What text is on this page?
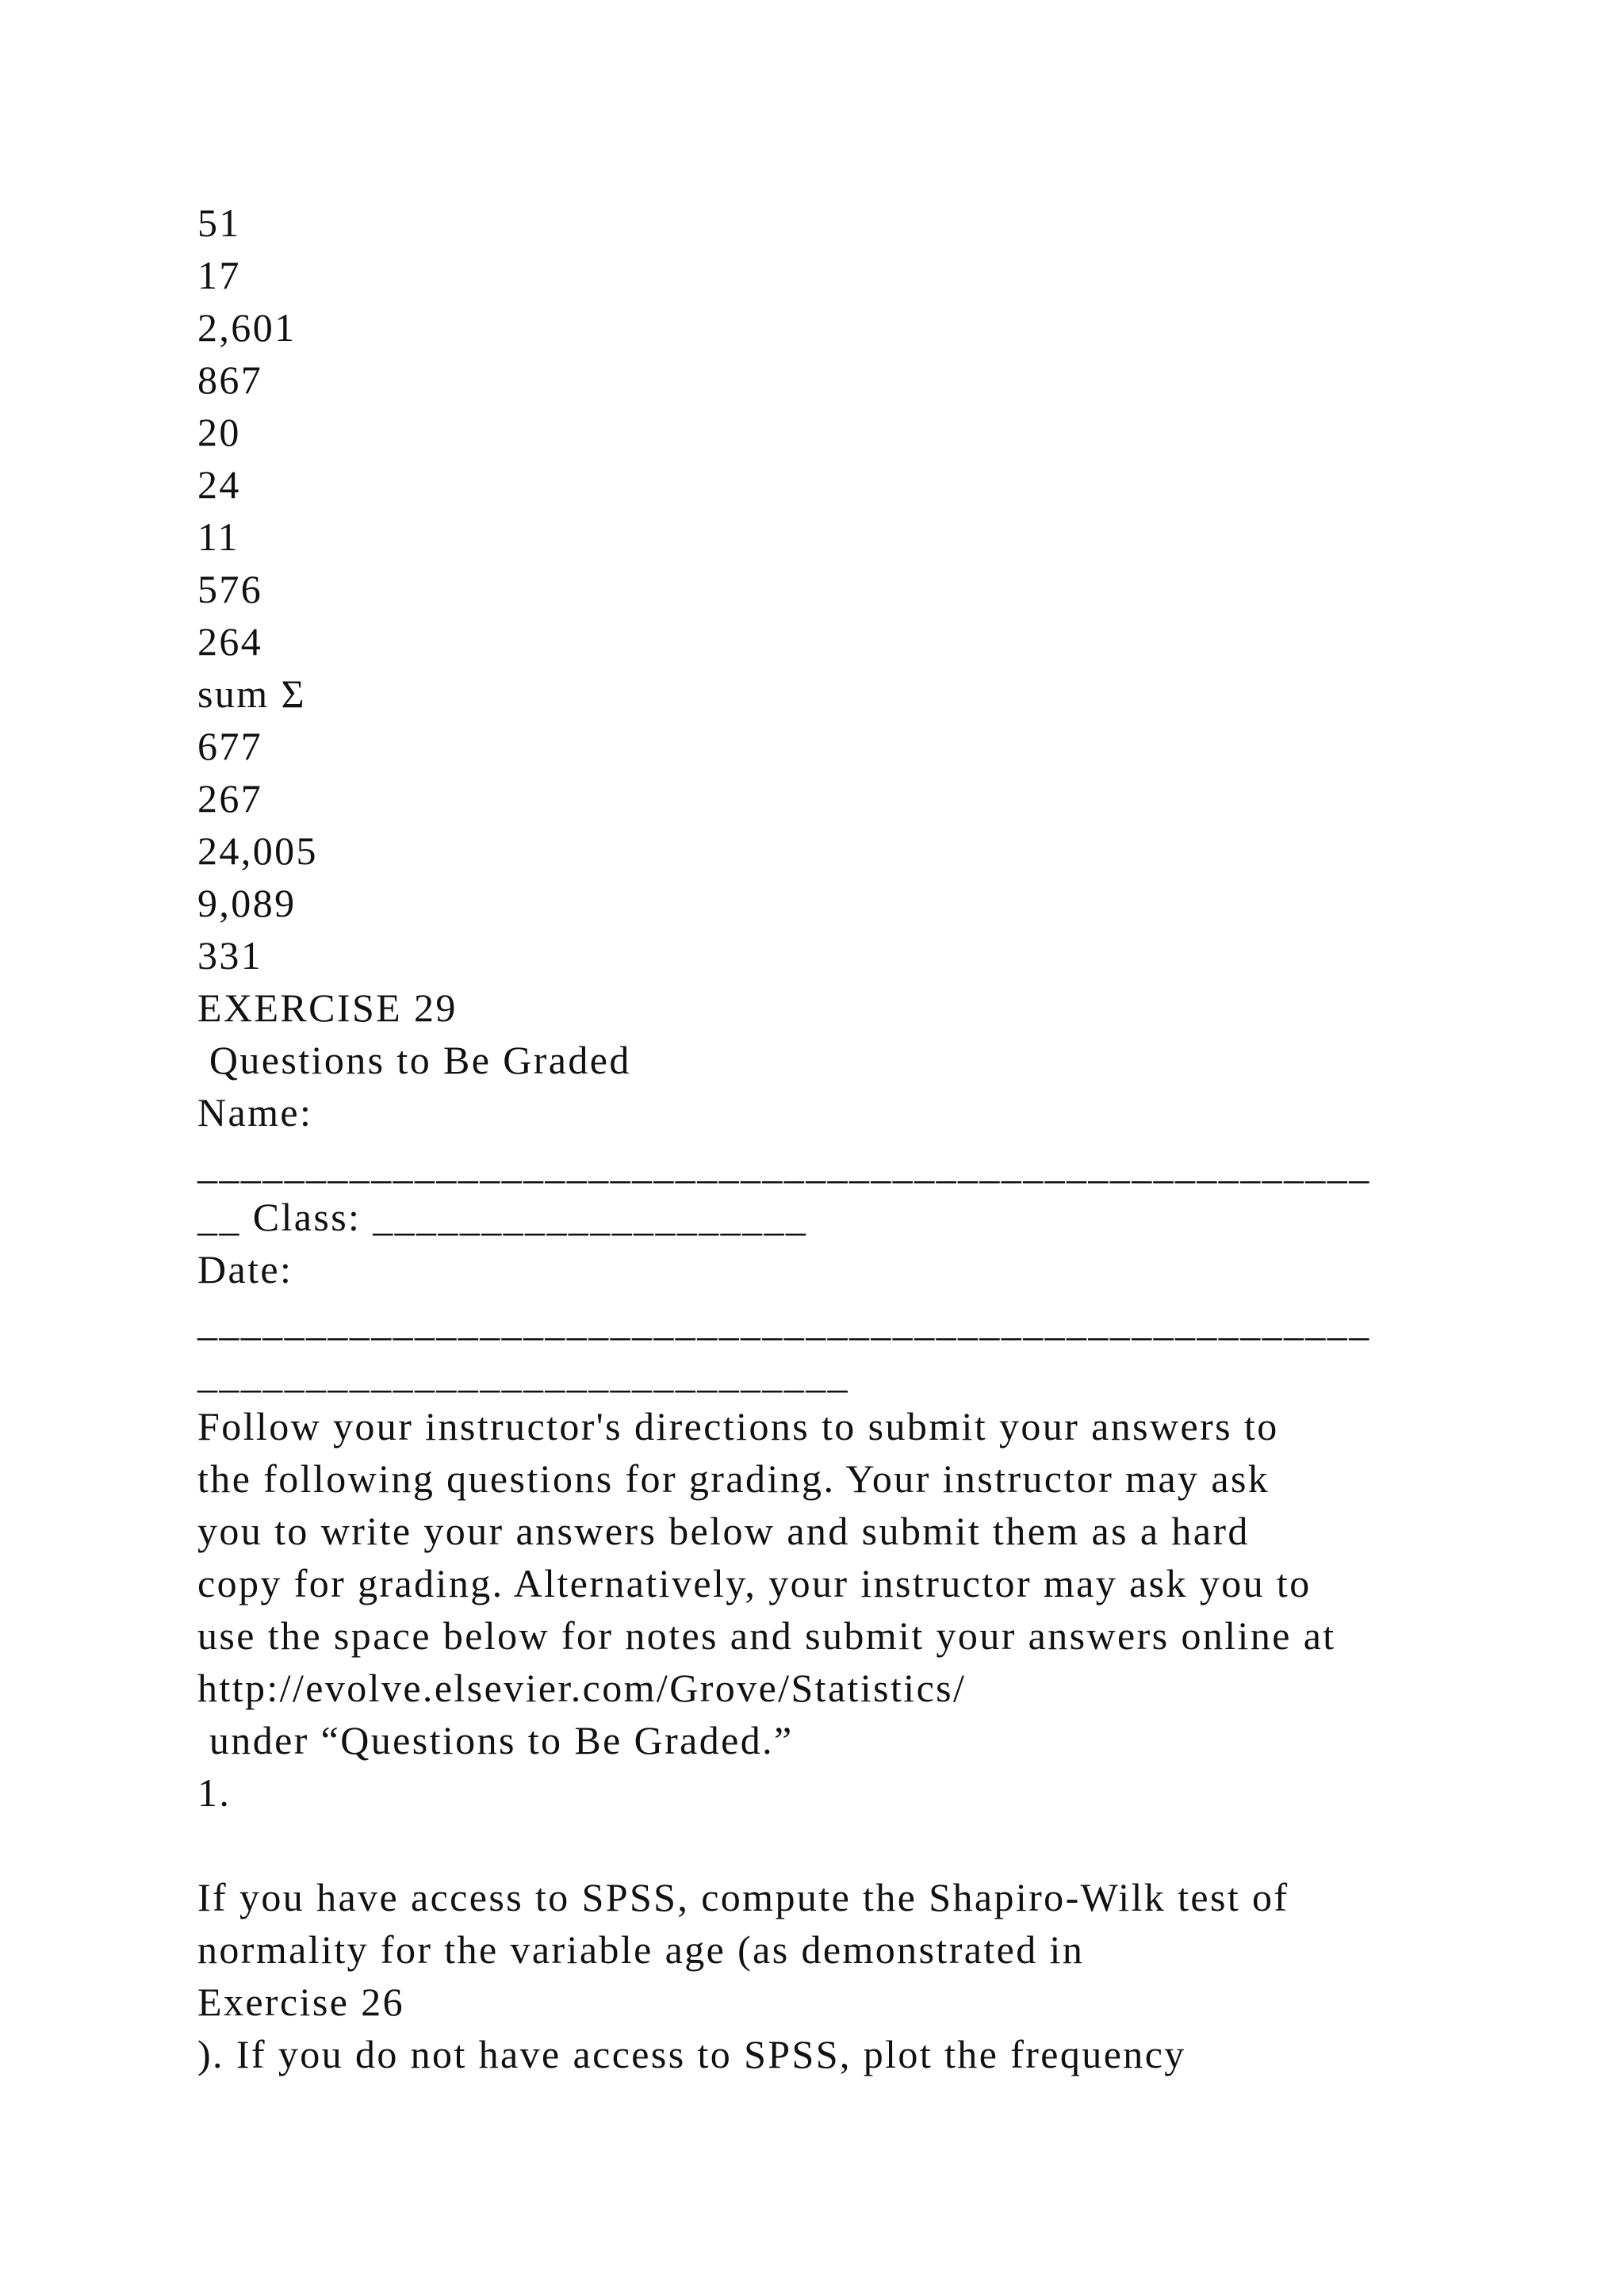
51
17
2,601
867
20
24
11
576
264
sum Σ
677
267
24,005
9,089
331
EXERCISE 29
Questions to Be Graded
Name:
______________________________________________________
__ Class: ____________________
Date:
______________________________________________________
______________________________
Follow your instructor's directions to submit your answers to
the following questions for grading. Your instructor may ask
you to write your answers below and submit them as a hard
copy for grading. Alternatively, your instructor may ask you to
use the space below for notes and submit your answers online at
http://evolve.elsevier.com/Grove/Statistics/
under “Questions to Be Graded.”
1.
If you have access to SPSS, compute the Shapiro-Wilk test of
normality for the variable age (as demonstrated in
Exercise 26
). If you do not have access to SPSS, plot the frequency
